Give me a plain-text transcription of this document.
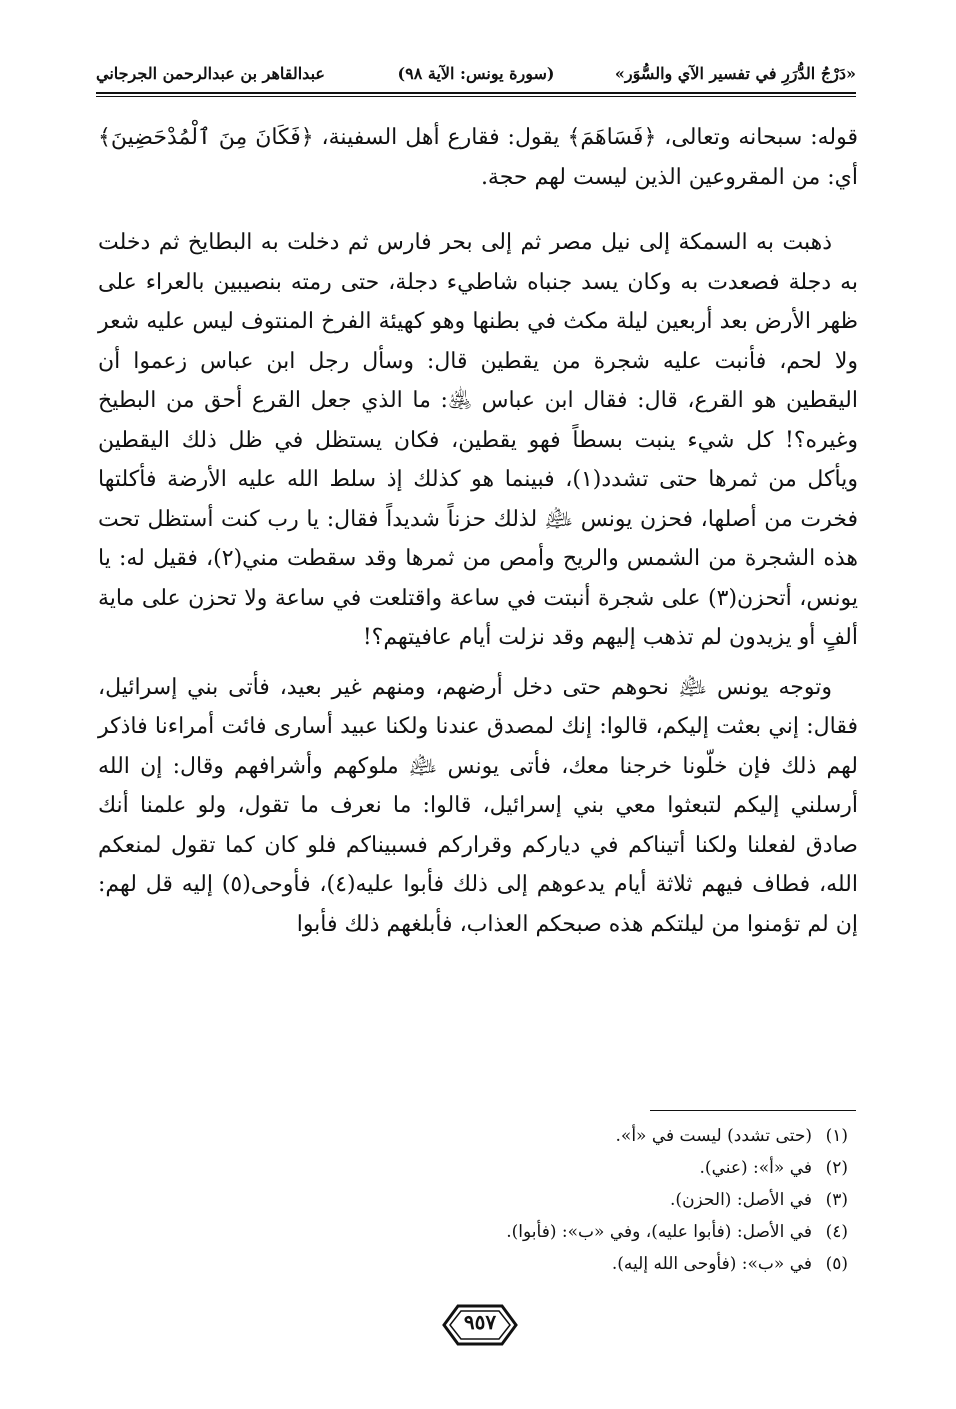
«دَرْجُ الدُّرَرِ في تفسير الآي والسُّوَر»
(سورة يونس: الآية ٩٨)
عبدالقاهر بن عبدالرحمن الجرجاني

قوله: سبحانه وتعالى، ﴿فَسَاهَمَ﴾ يقول: فقارع أهل السفينة، ﴿فَكَانَ مِنَ ٱلْمُدْحَضِينَ﴾ أي: من المقروعين الذين ليست لهم حجة.

ذهبت به السمكة إلى نيل مصر ثم إلى بحر فارس ثم دخلت به البطايخ ثم دخلت به دجلة فصعدت به وكان يسد جنباه شاطيء دجلة، حتى رمته بنصيبين بالعراء على ظهر الأرض بعد أربعين ليلة مكث في بطنها وهو كهيئة الفرخ المنتوف ليس عليه شعر ولا لحم، فأنبت عليه شجرة من يقطين قال: وسأل رجل ابن عباس زعموا أن اليقطين هو القرع، قال: فقال ابن عباس ﵁: ما الذي جعل القرع أحق من البطيخ وغيره؟! كل شيء ينبت بسطاً فهو يقطين، فكان يستظل في ظل ذلك اليقطين ويأكل من ثمرها حتى تشدد(١)، فبينما هو كذلك إذ سلط الله عليه الأرضة فأكلتها فخرت من أصلها، فحزن يونس ﵇ لذلك حزناً شديداً فقال: يا رب كنت أستظل تحت هذه الشجرة من الشمس والريح وأمص من ثمرها وقد سقطت مني(٢)، فقيل له: يا يونس، أتحزن(٣) على شجرة أنبتت في ساعة واقتلعت في ساعة ولا تحزن على ماية ألفٍ أو يزيدون لم تذهب إليهم وقد نزلت أيام عافيتهم؟!

وتوجه يونس ﵇ نحوهم حتى دخل أرضهم، ومنهم غير بعيد، فأتى بني إسرائيل، فقال: إني بعثت إليكم، قالوا: إنك لمصدق عندنا ولكنا عبيد أسارى فائت أمراءنا فاذكر لهم ذلك فإن خلّونا خرجنا معك، فأتى يونس ﵇ ملوكهم وأشرافهم وقال: إن الله أرسلني إليكم لتبعثوا معي بني إسرائيل، قالوا: ما نعرف ما تقول، ولو علمنا أنك صادق لفعلنا ولكنا أتيناكم في دياركم وقراركم فسبيناكم فلو كان كما تقول لمنعكم الله، فطاف فيهم ثلاثة أيام يدعوهم إلى ذلك فأبوا عليه(٤)، فأوحى(٥) إليه قل لهم: إن لم تؤمنوا من ليلتكم هذه صبحكم العذاب، فأبلغهم ذلك فأبوا

(١)(حتى تشدد) ليست في «أ».
(٢)في «أ»: (عني).
(٣)في الأصل: (الحزن).
(٤)في الأصل: (فأبوا عليه)، وفي «ب»: (فأبوا).
(٥)في «ب»: (فأوحى الله إليه).
٩٥٧
